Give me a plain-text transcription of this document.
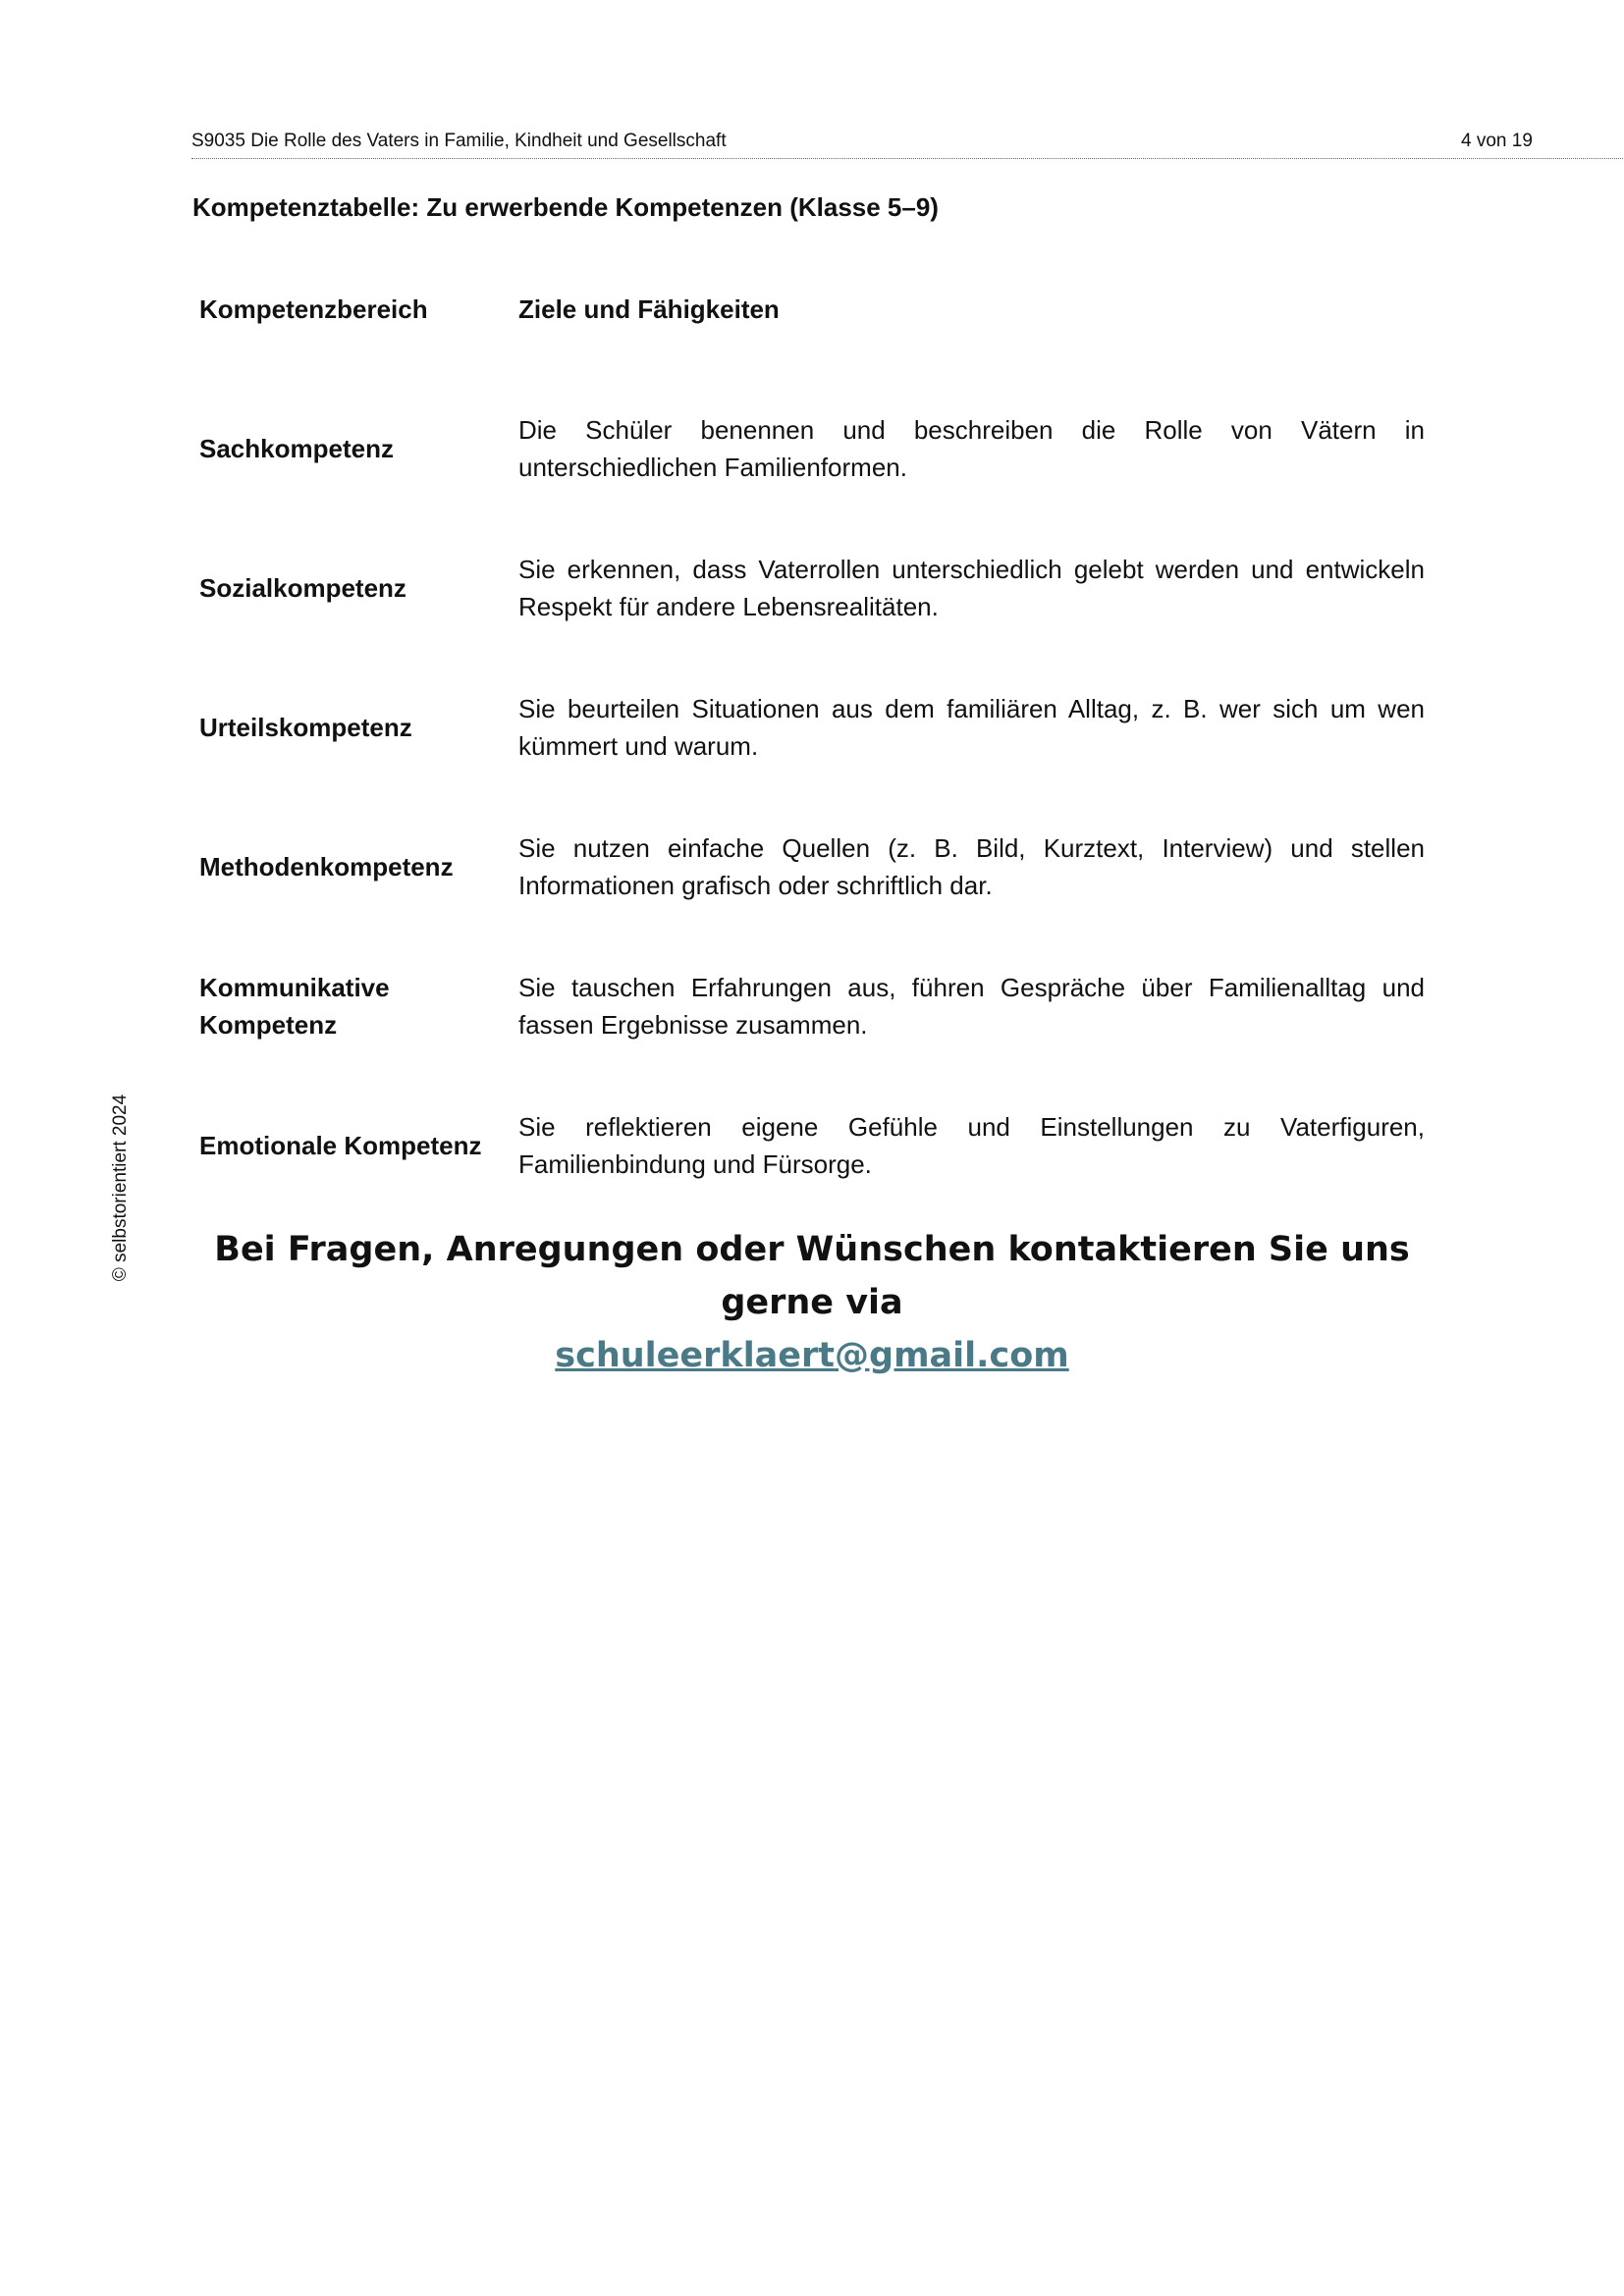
S9035 Die Rolle des Vaters in Familie, Kindheit und Gesellschaft	4 von 19
Kompetenztabelle: Zu erwerbende Kompetenzen (Klasse 5–9)
Kompetenzbereich	Ziele und Fähigkeiten
Sachkompetenz
Die Schüler benennen und beschreiben die Rolle von Vätern in unterschiedlichen Familienformen.
Sozialkompetenz
Sie erkennen, dass Vaterrollen unterschiedlich gelebt werden und entwickeln Respekt für andere Lebensrealitäten.
Urteilskompetenz
Sie beurteilen Situationen aus dem familiären Alltag, z. B. wer sich um wen kümmert und warum.
Methodenkompetenz
Sie nutzen einfache Quellen (z. B. Bild, Kurztext, Interview) und stellen Informationen grafisch oder schriftlich dar.
Kommunikative Kompetenz
Sie tauschen Erfahrungen aus, führen Gespräche über Familienalltag und fassen Ergebnisse zusammen.
Emotionale Kompetenz
Sie reflektieren eigene Gefühle und Einstellungen zu Vaterfiguren, Familienbindung und Fürsorge.
Bei Fragen, Anregungen oder Wünschen kontaktieren Sie uns gerne via
schuleerklaert@gmail.com
© selbstorientiert 2024
